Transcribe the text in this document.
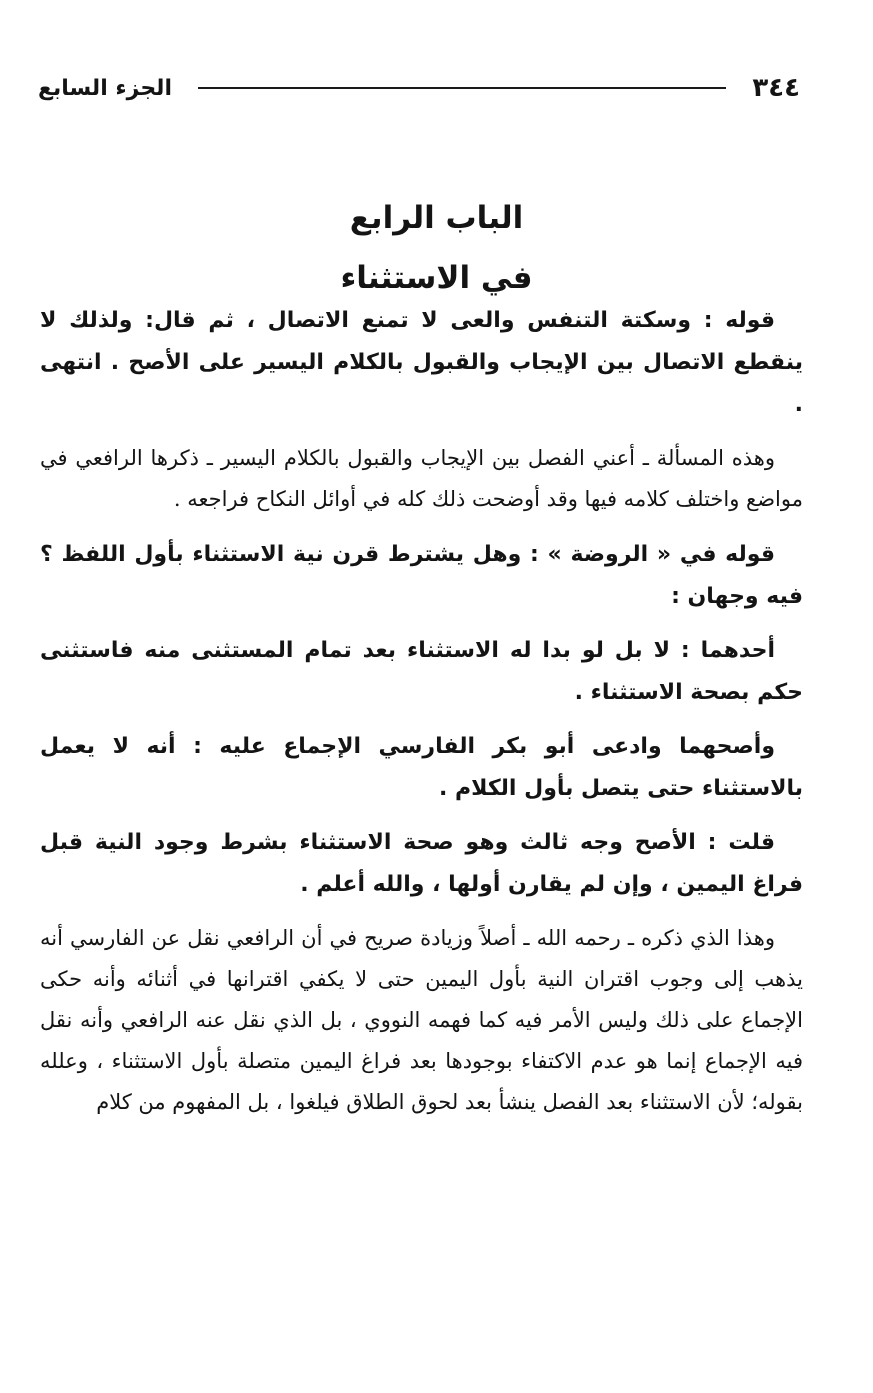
٣٤٤
الجزء السابع
الباب الرابع
في الاستثناء

قوله : وسكتة التنفس والعى لا تمنع الاتصال ، ثم قال: ولذلك لا ينقطع الاتصال بين الإيجاب والقبول بالكلام اليسير على الأصح . انتهى .

وهذه المسألة ـ أعني الفصل بين الإيجاب والقبول بالكلام اليسير ـ ذكرها الرافعي في مواضع واختلف كلامه فيها وقد أوضحت ذلك كله في أوائل النكاح فراجعه .

قوله في « الروضة » : وهل يشترط قرن نية الاستثناء بأول اللفظ ؟ فيه وجهان :

أحدهما : لا بل لو بدا له الاستثناء بعد تمام المستثنى منه فاستثنى حكم بصحة الاستثناء .

وأصحهما وادعى أبو بكر الفارسي الإجماع عليه : أنه لا يعمل بالاستثناء حتى يتصل بأول الكلام .

قلت : الأصح وجه ثالث وهو صحة الاستثناء بشرط وجود النية قبل فراغ اليمين ، وإن لم يقارن أولها ، والله أعلم .

وهذا الذي ذكره ـ رحمه الله ـ أصلاً وزيادة صريح في أن الرافعي نقل عن الفارسي أنه يذهب إلى وجوب اقتران النية بأول اليمين حتى لا يكفي اقترانها في أثنائه وأنه حكى الإجماع على ذلك وليس الأمر فيه كما فهمه النووي ، بل الذي نقل عنه الرافعي وأنه نقل فيه الإجماع إنما هو عدم الاكتفاء بوجودها بعد فراغ اليمين متصلة بأول الاستثناء ، وعلله بقوله؛ لأن الاستثناء بعد الفصل ينشأ بعد لحوق الطلاق فيلغوا ، بل المفهوم من كلام
